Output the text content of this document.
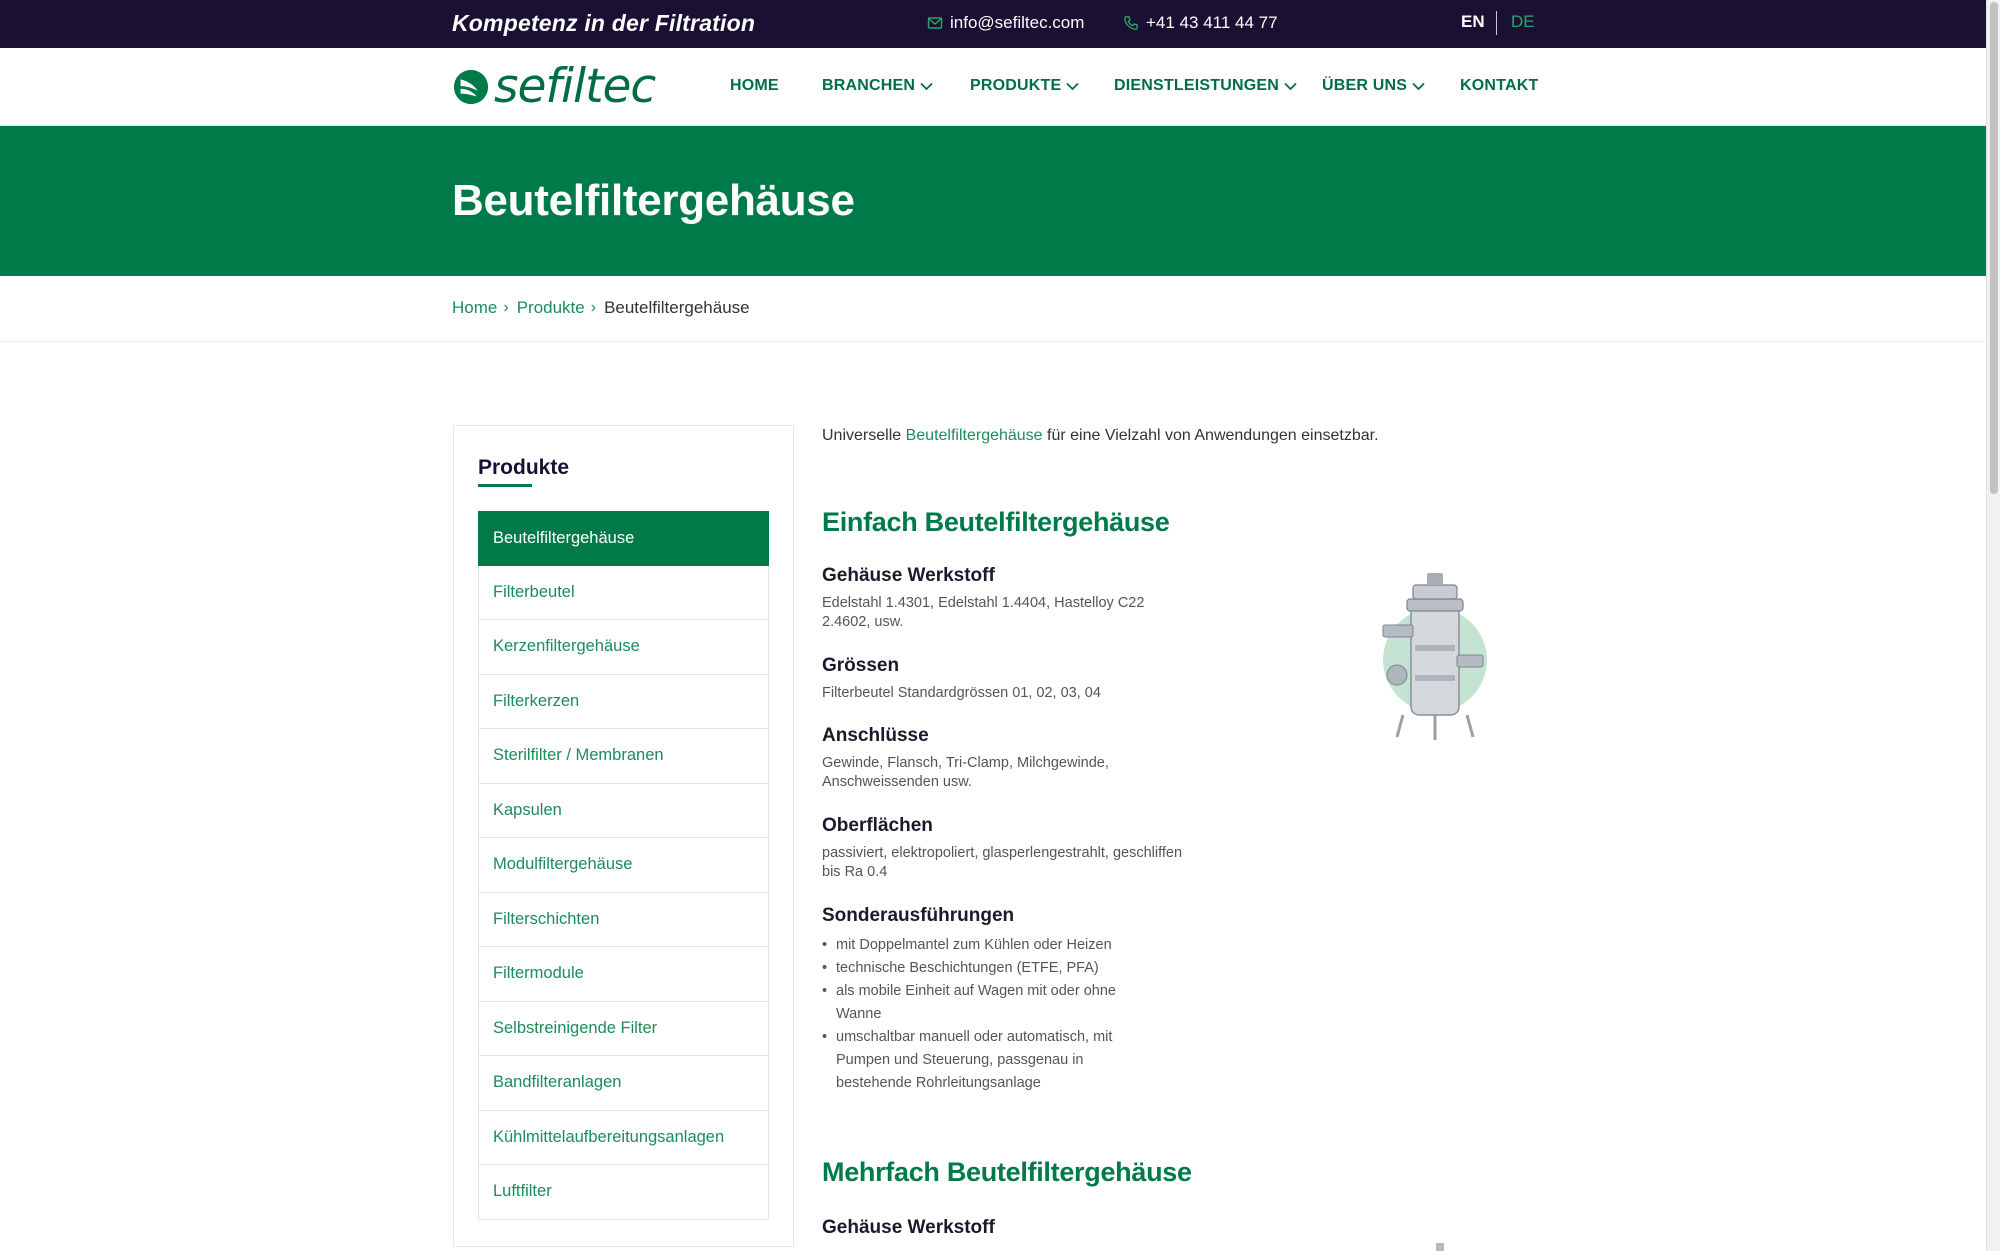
Kompetenz in der Filtration	info@sefiltec.com	+41 43 411 44 77	EN DE
sefiltec	HOME	BRANCHEN	PRODUKTE	DIENSTLEISTUNGEN	ÜBER UNS	KONTAKT
Beutelfiltergehäuse
Home › Produkte › Beutelfiltergehäuse
Produkte
Beutelfiltergehäuse
Filterbeutel
Kerzenfiltergehäuse
Filterkerzen
Sterilfilter / Membranen
Kapsulen
Modulfiltergehäuse
Filterschichten
Filtermodule
Selbstreinigende Filter
Bandfilteranlagen
Kühlmittelaufbereitungsanlagen
Luftfilter

Universelle Beutelfiltergehäuse für eine Vielzahl von Anwendungen einsetzbar.

Einfach Beutelfiltergehäuse
Gehäuse Werkstoff
Edelstahl 1.4301, Edelstahl 1.4404, Hastelloy C22 2.4602, usw.
Grössen
Filterbeutel Standardgrössen 01, 02, 03, 04
Anschlüsse
Gewinde, Flansch, Tri-Clamp, Milchgewinde, Anschweissenden usw.
Oberflächen
passiviert, elektropoliert, glasperlengestrahlt, geschliffen bis Ra 0.4
Sonderausführungen
• mit Doppelmantel zum Kühlen oder Heizen
• technische Beschichtungen (ETFE, PFA)
• als mobile Einheit auf Wagen mit oder ohne Wanne
• umschaltbar manuell oder automatisch, mit Pumpen und Steuerung, passgenau in bestehende Rohrleitungsanlage
Mehrfach Beutelfiltergehäuse
Gehäuse Werkstoff
